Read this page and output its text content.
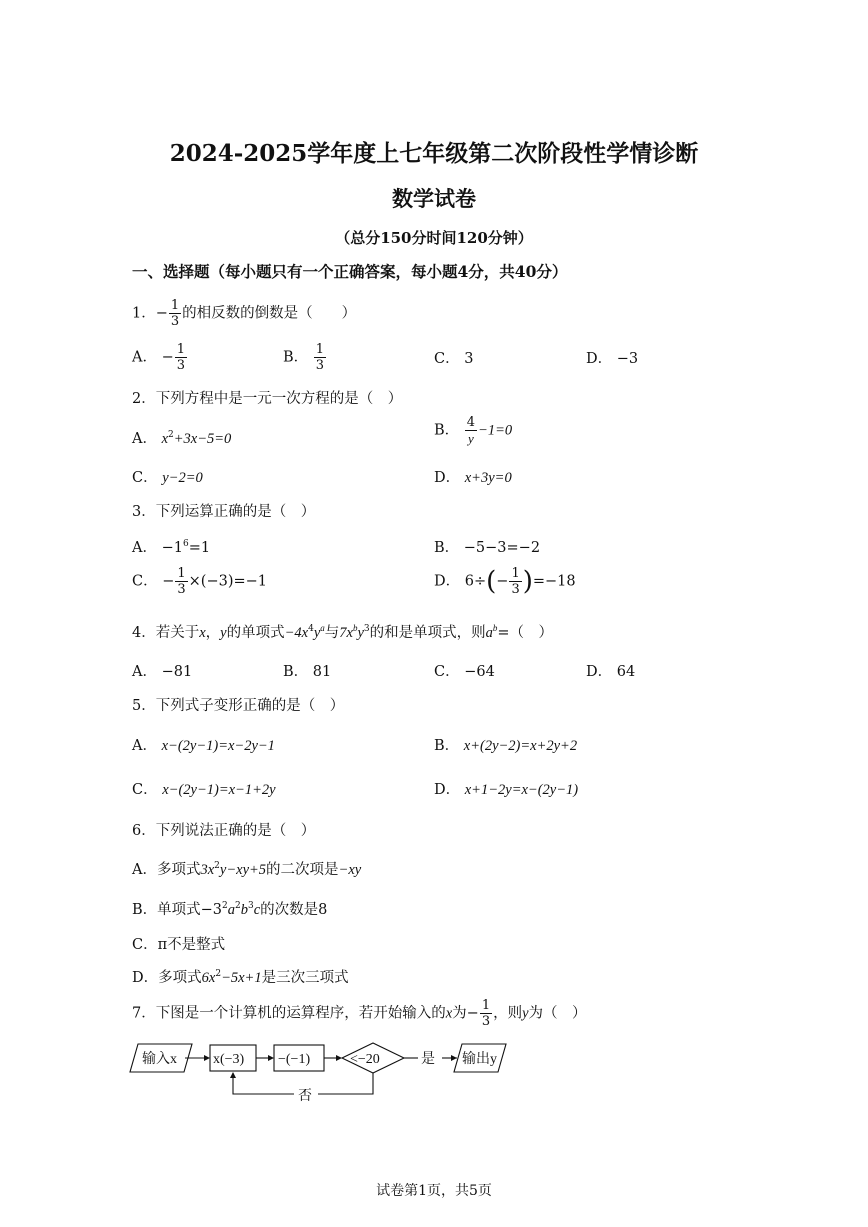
2024-2025学年度上七年级第二次阶段性学情诊断
数学试卷
（总分150分时间120分钟）
一、选择题（每小题只有一个正确答案，每小题4分，共40分）
1．− $\frac{1}{3}$ 的相反数的倒数是（　　）
A． − $\frac{1}{3}$	B． $\frac{1}{3}$	C． 3	D． −3
2．下列方程中是一元一次方程的是（　）
A． $x^2+3x-5=0$
B． $\frac{4}{y} -1=0$
C． y−2=0	D． x+3y=0
3．下列运算正确的是（　）
A． $-1^6=1$	B． −5−3=−2
C． − $\frac{1}{3} \times(-3)=-1$	D． $6\div(- \frac{1}{3} )=-18$
4．若关于x，y的单项式$-4x^4y^a$与$7x^by^3$的和是单项式，则$a^b=$（　）
A． −81	B． 81	C． −64	D． 64
5．下列式子变形正确的是（　）
A． x−(2y−1)=x−2y−1	B． x+(2y−2)=x+2y+2
C． x−(2y−1)=x−1+2y	D． x+1−2y=x−(2y−1)
6．下列说法正确的是（　）
A．多项式$3x^2y-xy+5$的二次项是−xy
B．单项式$-3^2a^2b^3c$的次数是8
C．π不是整式
D．多项式$6x^2-5x+1$是三次三项式
7．下图是一个计算机的运算程序，若开始输入的x为− $\frac{1}{3}$ ，则y为（　）
输入x	x(−3) −(−1)	<−20	是 输出y
否
试卷第1页，共5页
